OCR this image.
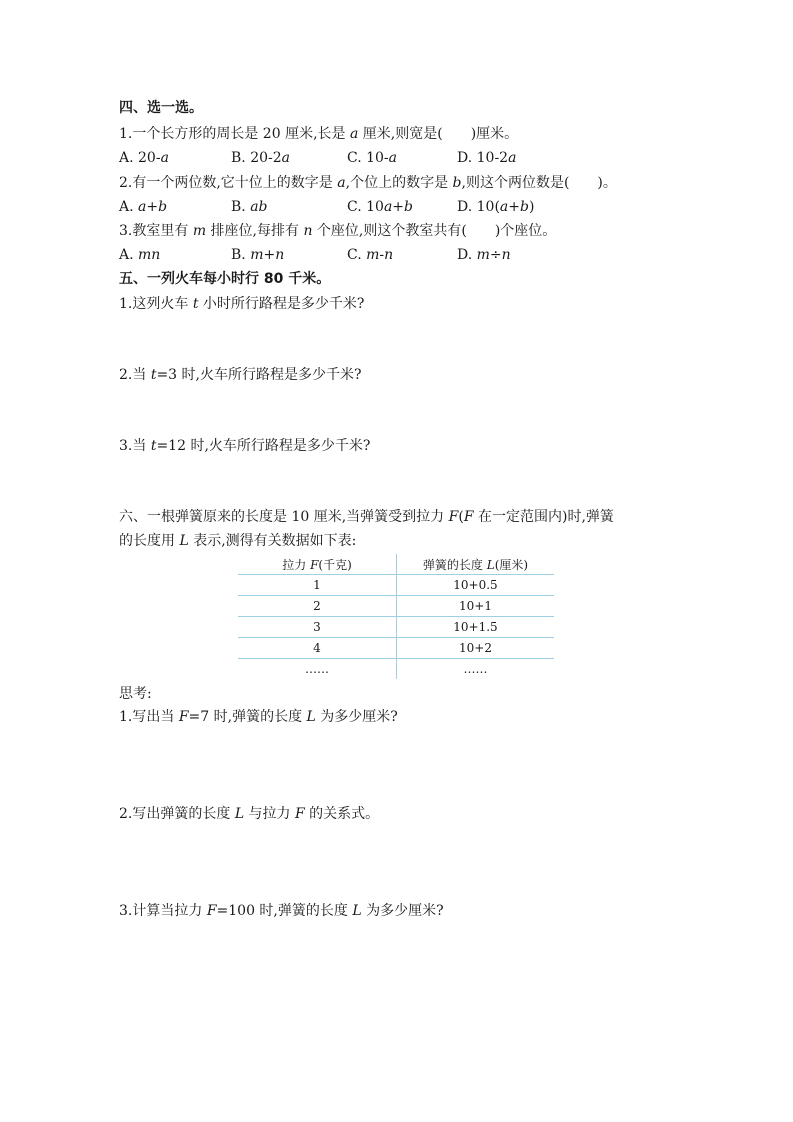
四、选一选。
1.一个长方形的周长是 20 厘米,长是 a 厘米,则宽是(　　)厘米。
A. 20-a	B. 20-2a	C. 10-a	D. 10-2a
2.有一个两位数,它十位上的数字是 a,个位上的数字是 b,则这个两位数是(　　)。
A. a+b	B. ab	C. 10a+b	D. 10(a+b)
3.教室里有 m 排座位,每排有 n 个座位,则这个教室共有(　　)个座位。
A. mn	B. m+n	C. m-n	D. m÷n
五、一列火车每小时行 80 千米。
1.这列火车 t 小时所行路程是多少千米?
2.当 t=3 时,火车所行路程是多少千米?
3.当 t=12 时,火车所行路程是多少千米?
六、一根弹簧原来的长度是 10 厘米,当弹簧受到拉力 F(F 在一定范围内)时,弹簧
的长度用 L 表示,测得有关数据如下表:
拉力 F(千克)	弹簧的长度 L(厘米)
1	10+0.5
2	10+1
3	10+1.5
4	10+2
……	……
思考:
1.写出当 F=7 时,弹簧的长度 L 为多少厘米?
2.写出弹簧的长度 L 与拉力 F 的关系式。
3.计算当拉力 F=100 时,弹簧的长度 L 为多少厘米?
